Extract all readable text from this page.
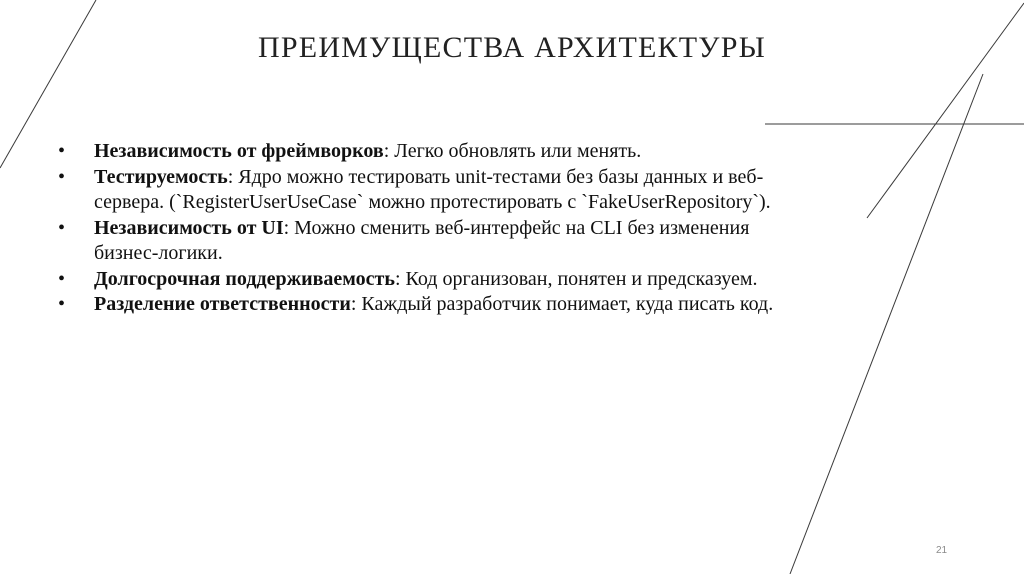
ПРЕИМУЩЕСТВА АРХИТЕКТУРЫ
•	Независимость от фреймворков: Легко обновлять или менять.
•	Тестируемость: Ядро можно тестировать unit-тестами без базы данных и веб-сервера. (`RegisterUserUseCase` можно протестировать с `FakeUserRepository`).
•	Независимость от UI: Можно сменить веб-интерфейс на CLI без изменения бизнес-логики.
•	Долгосрочная поддерживаемость: Код организован, понятен и предсказуем.
•	Разделение ответственности: Каждый разработчик понимает, куда писать код.
21
